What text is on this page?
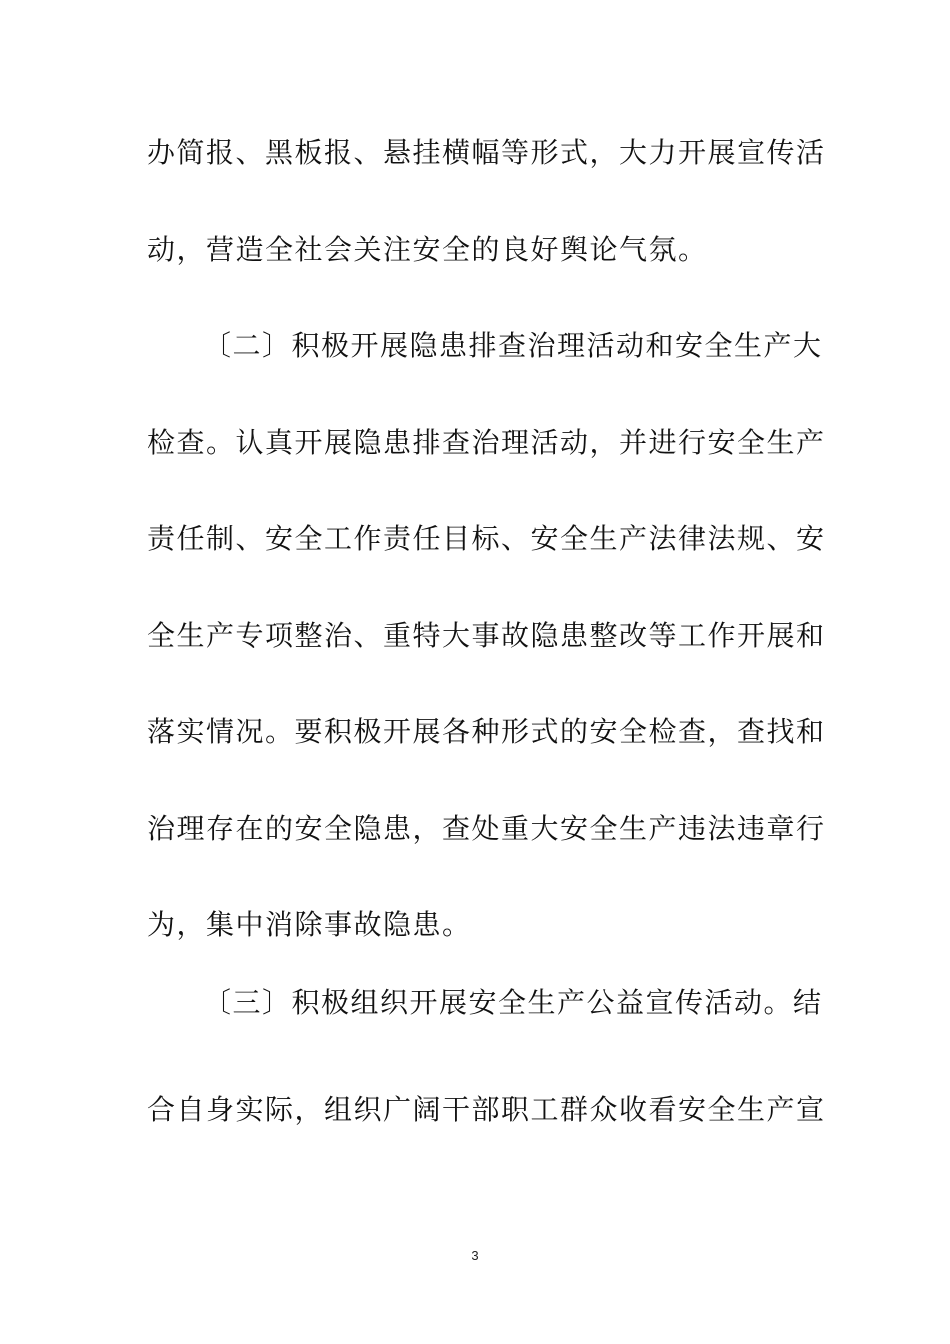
办简报、黑板报、悬挂横幅等形式，大力开展宣传活
动，营造全社会关注安全的良好舆论气氛。
〔二〕积极开展隐患排查治理活动和安全生产大
检查。认真开展隐患排查治理活动，并进行安全生产
责任制、安全工作责任目标、安全生产法律法规、安
全生产专项整治、重特大事故隐患整改等工作开展和
落实情况。要积极开展各种形式的安全检查，查找和
治理存在的安全隐患，查处重大安全生产违法违章行
为，集中消除事故隐患。
〔三〕积极组织开展安全生产公益宣传活动。结
合自身实际，组织广阔干部职工群众收看安全生产宣
3
